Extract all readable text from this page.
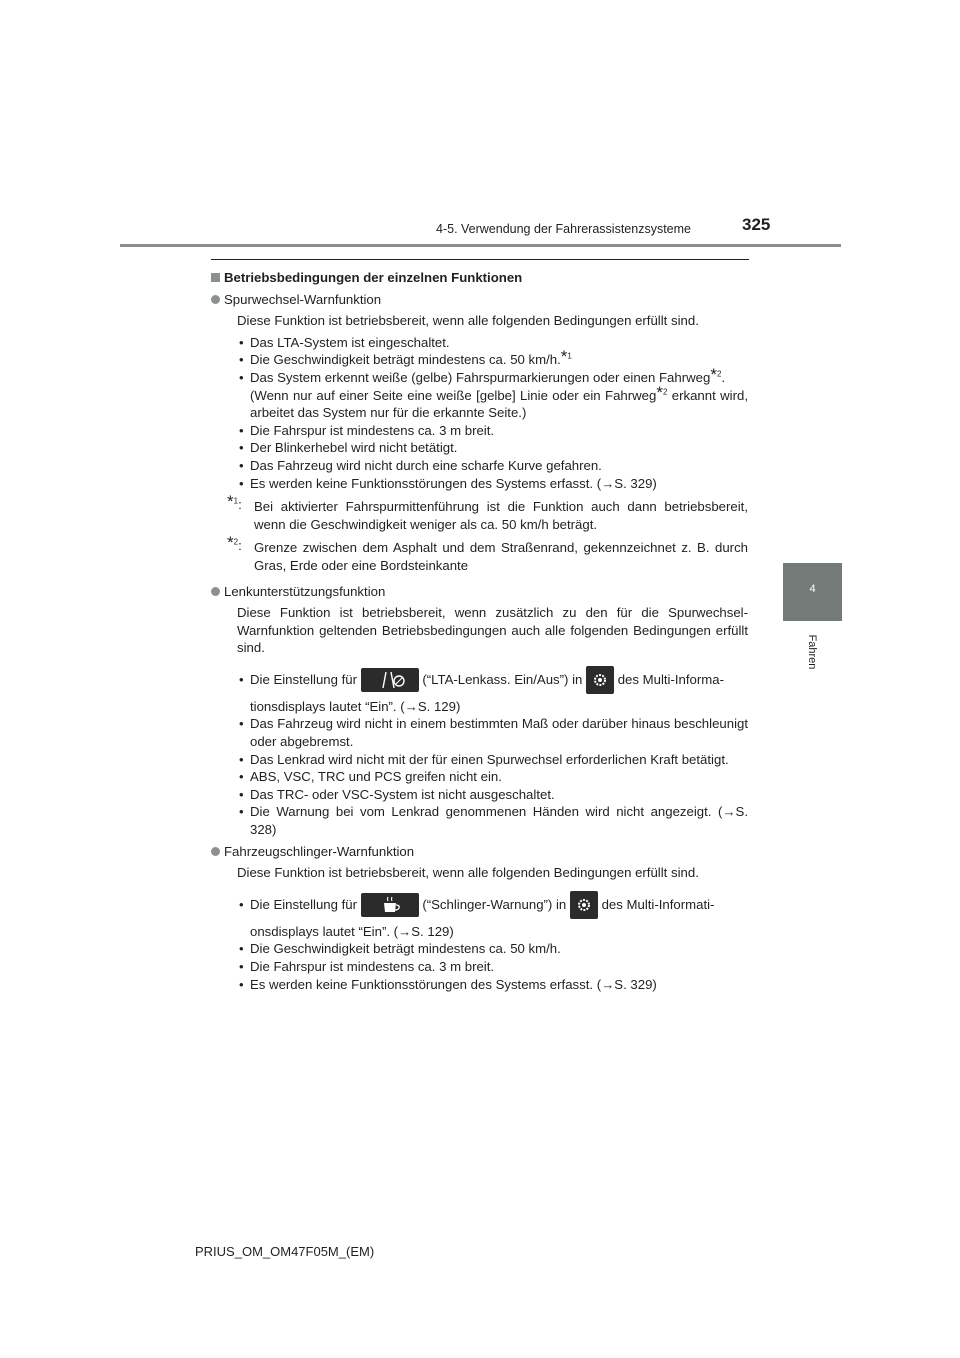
4-5. Verwendung der Fahrerassistenzsysteme	325
4
Fahren
Betriebsbedingungen der einzelnen Funktionen
Spurwechsel-Warnfunktion
Diese Funktion ist betriebsbereit, wenn alle folgenden Bedingungen erfüllt sind.
• Das LTA-System ist eingeschaltet.
• Die Geschwindigkeit beträgt mindestens ca. 50 km/h.*$^1$
• Das System erkennt weiße (gelbe) Fahrspurmarkierungen oder einen Fahrweg*$^2$.
(Wenn nur auf einer Seite eine weiße [gelbe] Linie oder ein Fahrweg*$^2$ erkannt wird, arbeitet das System nur für die erkannte Seite.)
• Die Fahrspur ist mindestens ca. 3 m breit.
• Der Blinkerhebel wird nicht betätigt.
• Das Fahrzeug wird nicht durch eine scharfe Kurve gefahren.
• Es werden keine Funktionsstörungen des Systems erfasst. (→S. 329)
*$^1$: Bei aktivierter Fahrspurmittenführung ist die Funktion auch dann betriebsbereit, wenn die Geschwindigkeit weniger als ca. 50 km/h beträgt.
*$^2$: Grenze zwischen dem Asphalt und dem Straßenrand, gekennzeichnet z. B. durch Gras, Erde oder eine Bordsteinkante
Lenkunterstützungsfunktion
Diese Funktion ist betriebsbereit, wenn zusätzlich zu den für die Spurwechsel-Warnfunktion geltenden Betriebsbedingungen auch alle folgenden Bedingungen erfüllt sind.
• Die Einstellung für	(“LTA-Lenkass. Ein/Aus”) in
des Multi-Informa-
tionsdisplays lautet “Ein”. (→S. 129)
• Das Fahrzeug wird nicht in einem bestimmten Maß oder darüber hinaus beschleunigt oder abgebremst.
• Das Lenkrad wird nicht mit der für einen Spurwechsel erforderlichen Kraft betätigt.
• ABS, VSC, TRC und PCS greifen nicht ein.
• Das TRC- oder VSC-System ist nicht ausgeschaltet.
• Die Warnung bei vom Lenkrad genommenen Händen wird nicht angezeigt. (→S. 328)
Fahrzeugschlinger-Warnfunktion
Diese Funktion ist betriebsbereit, wenn alle folgenden Bedingungen erfüllt sind.
• Die Einstellung für	(“Schlinger-Warnung”) in
des Multi-Informati-
onsdisplays lautet “Ein”. (→S. 129)
• Die Geschwindigkeit beträgt mindestens ca. 50 km/h.
• Die Fahrspur ist mindestens ca. 3 m breit.
• Es werden keine Funktionsstörungen des Systems erfasst. (→S. 329)
PRIUS_OM_OM47F05M_(EM)
